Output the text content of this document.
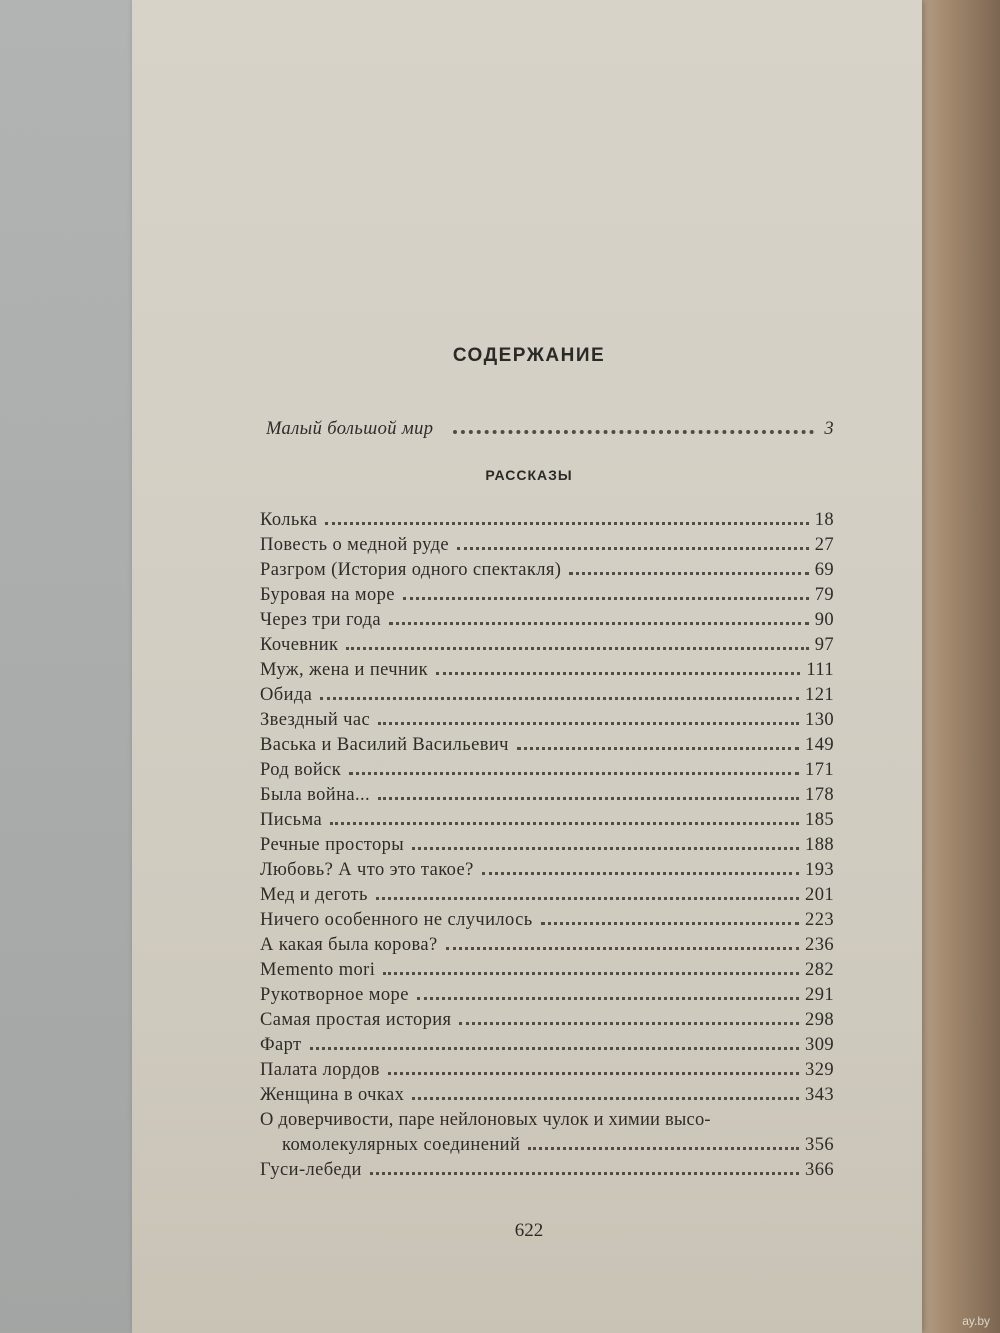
СОДЕРЖАНИЕ
Малый большой мир	3
РАССКАЗЫ
Колька	18
Повесть о медной руде	27
Разгром (История одного спектакля)	69
Буровая на море	79
Через три года	90
Кочевник	97
Муж, жена и печник	111
Обида	121
Звездный час	130
Васька и Василий Васильевич	149
Род войск	171
Была война...	178
Письма	185
Речные просторы	188
Любовь? А что это такое?	193
Мед и деготь	201
Ничего особенного не случилось	223
А какая была корова?	236
Memento mori	282
Рукотворное море	291
Самая простая история	298
Фарт	309
Палата лордов	329
Женщина в очках	343
О доверчивости, паре нейлоновых чулок и химии высо-
комолекулярных соединений	356
Гуси-лебеди	366
622
ay.by
